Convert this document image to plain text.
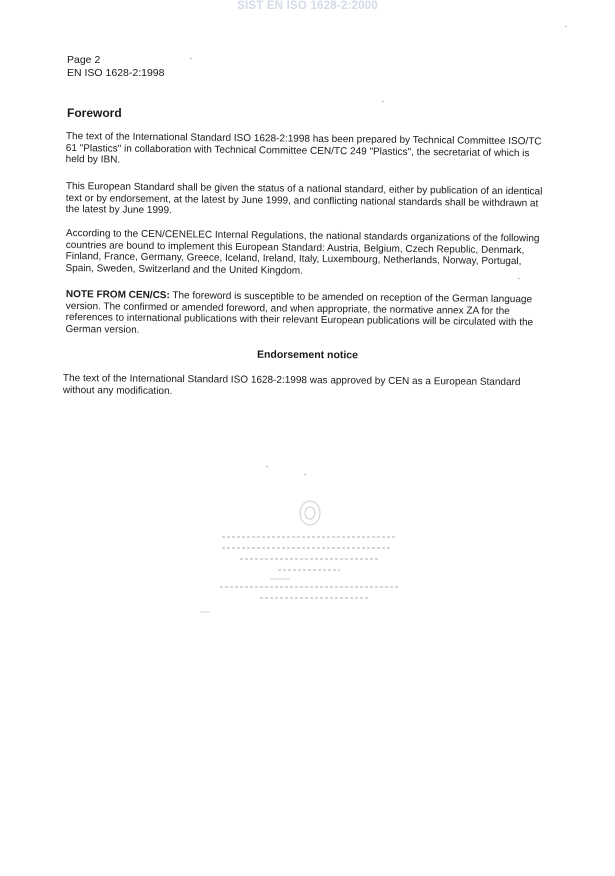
SIST EN ISO 1628-2:2000
Page 2
EN ISO 1628-2:1998
Foreword

The text of the International Standard ISO 1628-2:1998 has been prepared by Technical Committee ISO/TC 61 "Plastics" in collaboration with Technical Committee CEN/TC 249 "Plastics", the secretariat of which is held by IBN.

This European Standard shall be given the status of a national standard, either by publication of an identical text or by endorsement, at the latest by June 1999, and conflicting national standards shall be withdrawn at the latest by June 1999.

According to the CEN/CENELEC Internal Regulations, the national standards organizations of the following countries are bound to implement this European Standard: Austria, Belgium, Czech Republic, Denmark, Finland, France, Germany, Greece, Iceland, Ireland, Italy, Luxembourg, Netherlands, Norway, Portugal, Spain, Sweden, Switzerland and the United Kingdom.

NOTE FROM CEN/CS: The foreword is susceptible to be amended on reception of the German language version. The confirmed or amended foreword, and when appropriate, the normative annex ZA for the references to international publications with their relevant European publications will be circulated with the German version.

Endorsement notice

The text of the International Standard ISO 1628-2:1998 was approved by CEN as a European Standard without any modification.
